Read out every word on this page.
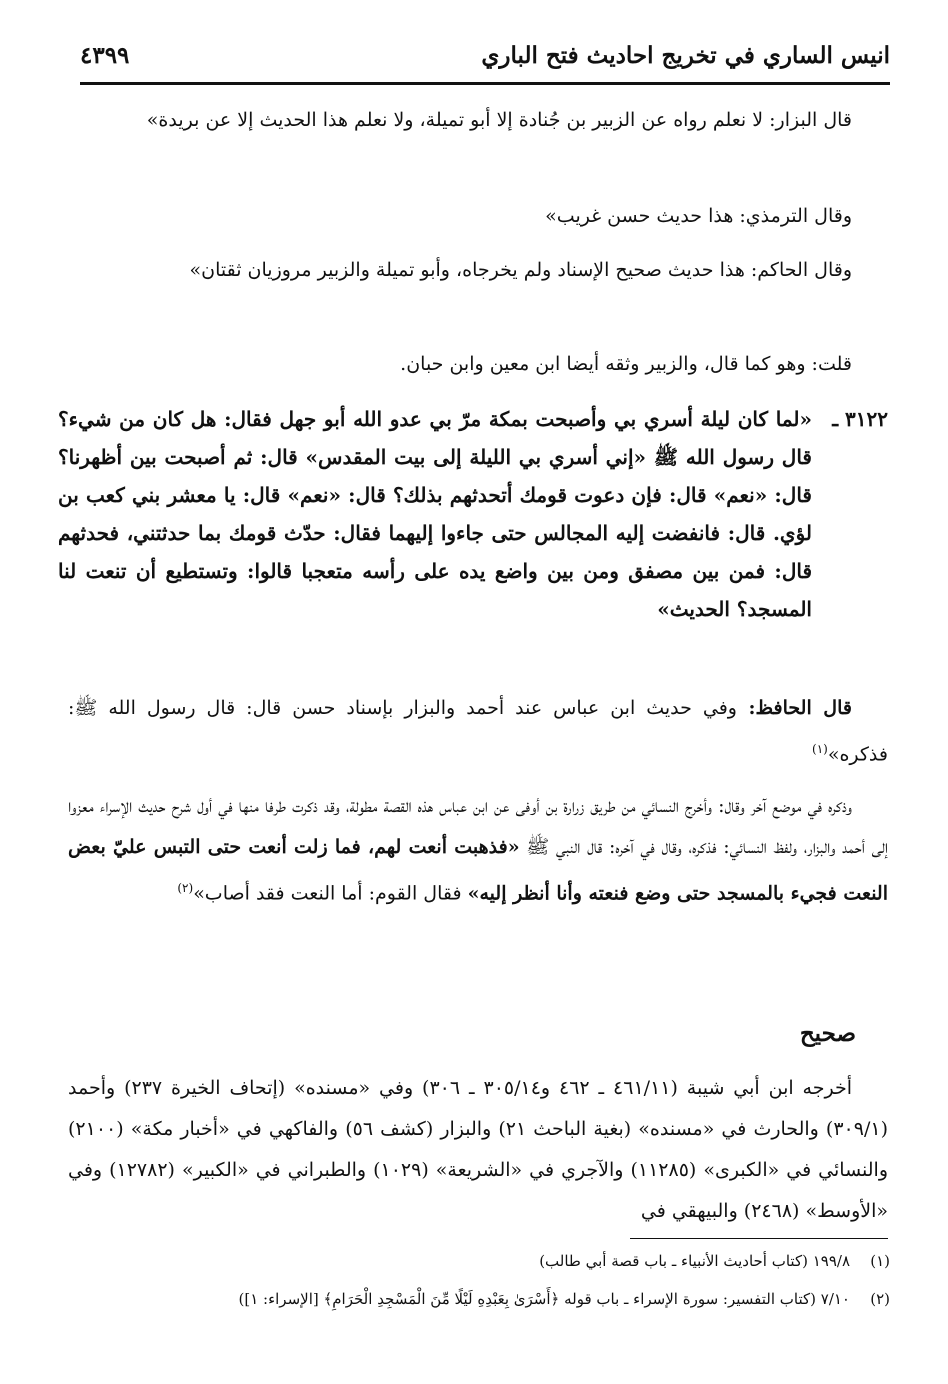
انيس الساري في تخريج احاديث فتح الباري
٤٣٩٩

قال البزار: لا نعلم رواه عن الزبير بن جُنادة إلا أبو تميلة، ولا نعلم هذا الحديث إلا عن بريدة»

وقال الترمذي: هذا حديث حسن غريب»

وقال الحاكم: هذا حديث صحيح الإسناد ولم يخرجاه، وأبو تميلة والزبير مروزيان ثقتان»

قلت: وهو كما قال، والزبير وثقه أيضا ابن معين وابن حبان.

٣١٢٢ ـ

«لما كان ليلة أسري بي وأصبحت بمكة مرّ بي عدو الله أبو جهل فقال: هل كان من شيء؟ قال رسول الله ﷺ «إني أسري بي الليلة إلى بيت المقدس» قال: ثم أصبحت بين أظهرنا؟ قال: «نعم» قال: فإن دعوت قومك أتحدثهم بذلك؟ قال: «نعم» قال: يا معشر بني كعب بن لؤي. قال: فانفضت إليه المجالس حتى جاءوا إليهما فقال: حدّث قومك بما حدثتني، فحدثهم قال: فمن بين مصفق ومن بين واضع يده على رأسه متعجبا قالوا: وتستطيع أن تنعت لنا المسجد؟ الحديث»

قال الحافظ: وفي حديث ابن عباس عند أحمد والبزار بإسناد حسن قال: قال رسول الله ﷺ: فذكره»$^{(١)}$

وذكره في موضع آخر وقال: وأخرج النسائي من طريق زرارة بن أوفى عن ابن عباس هذه القصة مطولة، وقد ذكرت طرفا منها في أول شرح حديث الإسراء معزوا إلى أحمد والبزار، ولفظ النسائي: فذكره، وقال في آخره: قال النبي ﷺ «فذهبت أنعت لهم، فما زلت أنعت حتى التبس عليّ بعض النعت فجيء بالمسجد حتى وضع فنعته وأنا أنظر إليه» فقال القوم: أما النعت فقد أصاب»$^{(٢)}$

صحيح

أخرجه ابن أبي شيبة (٤٦١/١١ ـ ٤٦٢ و٣٠٥/١٤ ـ ٣٠٦) وفي «مسنده» (إتحاف الخيرة ٢٣٧) وأحمد (٣٠٩/١) والحارث في «مسنده» (بغية الباحث ٢١) والبزار (كشف ٥٦) والفاكهي في «أخبار مكة» (٢١٠٠) والنسائي في «الكبرى» (١١٢٨٥) والآجري في «الشريعة» (١٠٢٩) والطبراني في «الكبير» (١٢٧٨٢) وفي «الأوسط» (٢٤٦٨) والبيهقي في

(١)١٩٩/٨ (كتاب أحاديث الأنبياء ـ باب قصة أبي طالب)
(٢)٧/١٠ (كتاب التفسير: سورة الإسراء ـ باب قوله ﴿أَسْرَىٰ بِعَبْدِهِ لَيْلًا مِّنَ الْمَسْجِدِ الْحَرَامِ﴾ [الإسراء: ١])
